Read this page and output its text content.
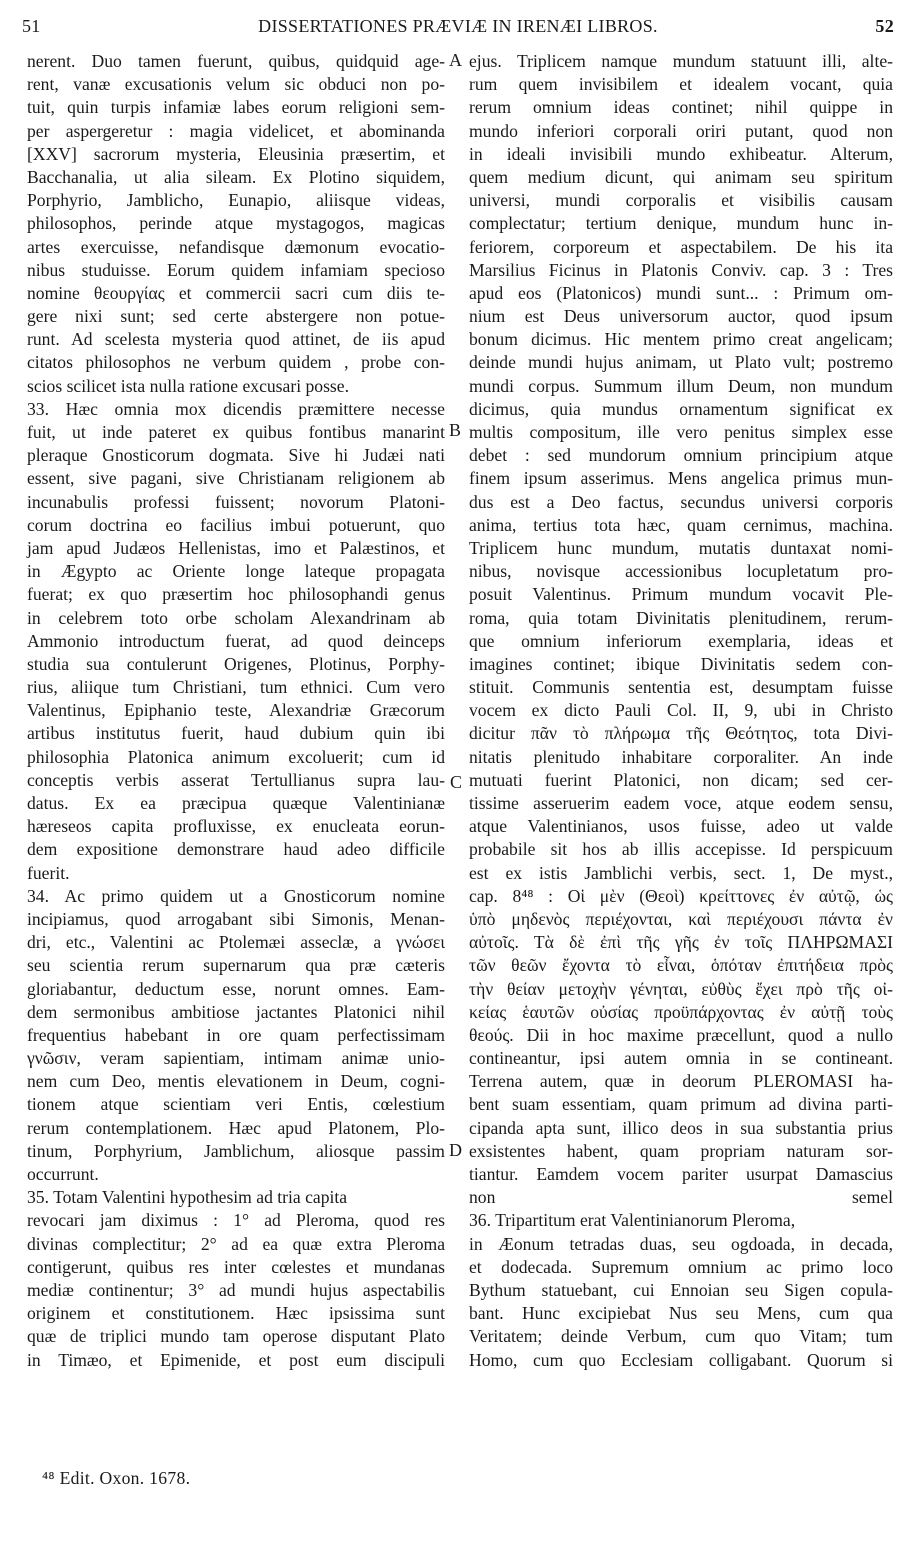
51	DISSERTATIONES PRÆVIÆ IN IRENÆI LIBROS.	52
A
B
C
D
nerent. Duo tamen fuerunt, quibus, quidquid age-
rent, vanæ excusationis velum sic obduci non po-
tuit, quin turpis infamiæ labes eorum religioni sem-
per aspergeretur : magia videlicet, et abominanda
[XXV] sacrorum mysteria, Eleusinia præsertim, et
Bacchanalia, ut alia sileam. Ex Plotino siquidem,
Porphyrio, Jamblicho, Eunapio, aliisque videas,
philosophos, perinde atque mystagogos, magicas
artes exercuisse, nefandisque dæmonum evocatio-
nibus studuisse. Eorum quidem infamiam specioso
nomine θεουργίας et commercii sacri cum diis te-
gere nixi sunt; sed certe abstergere non potue-
runt. Ad scelesta mysteria quod attinet, de iis apud
citatos philosophos ne verbum quidem , probe con-
scios scilicet ista nulla ratione excusari posse.
33. Hæc omnia mox dicendis præmittere necesse
fuit, ut inde pateret ex quibus fontibus manarint
pleraque Gnosticorum dogmata. Sive hi Judæi nati
essent, sive pagani, sive Christianam religionem ab
incunabulis professi fuissent; novorum Platoni-
corum doctrina eo facilius imbui potuerunt, quo
jam apud Judæos Hellenistas, imo et Palæstinos, et
in Ægypto ac Oriente longe lateque propagata
fuerat; ex quo præsertim hoc philosophandi genus
in celebrem toto orbe scholam Alexandrinam ab
Ammonio introductum fuerat, ad quod deinceps
studia sua contulerunt Origenes, Plotinus, Porphy-
rius, aliique tum Christiani, tum ethnici. Cum vero
Valentinus, Epiphanio teste, Alexandriæ Græcorum
artibus institutus fuerit, haud dubium quin ibi
philosophia Platonica animum excoluerit; cum id
conceptis verbis asserat Tertullianus supra lau-
datus. Ex ea præcipua quæque Valentinianæ
hæreseos capita profluxisse, ex enucleata eorun-
dem expositione demonstrare haud adeo difficile
fuerit.
34. Ac primo quidem ut a Gnosticorum nomine
incipiamus, quod arrogabant sibi Simonis, Menan-
dri, etc., Valentini ac Ptolemæi asseclæ, a γνώσει
seu scientia rerum supernarum qua præ cæteris
gloriabantur, deductum esse, norunt omnes. Eam-
dem sermonibus ambitiose jactantes Platonici nihil
frequentius habebant in ore quam perfectissimam
γνῶσιν, veram sapientiam, intimam animæ unio-
nem cum Deo, mentis elevationem in Deum, cogni-
tionem atque scientiam veri Entis, cœlestium
rerum contemplationem. Hæc apud Platonem, Plo-
tinum, Porphyrium, Jamblichum, aliosque passim
occurrunt.
35. Totam Valentini hypothesim ad tria capita
revocari jam diximus : 1° ad Pleroma, quod res
divinas complectitur; 2° ad ea quæ extra Pleroma
contigerunt, quibus res inter cœlestes et mundanas
mediæ continentur; 3° ad mundi hujus aspectabilis
originem et constitutionem. Hæc ipsissima sunt
quæ de triplici mundo tam operose disputant Plato
in Timæo, et Epimenide, et post eum discipuli
ejus. Triplicem namque mundum statuunt illi, alte-
rum quem invisibilem et idealem vocant, quia
rerum omnium ideas continet; nihil quippe in
mundo inferiori corporali oriri putant, quod non
in ideali invisibili mundo exhibeatur. Alterum,
quem medium dicunt, qui animam seu spiritum
universi, mundi corporalis et visibilis causam
complectatur; tertium denique, mundum hunc in-
feriorem, corporeum et aspectabilem. De his ita
Marsilius Ficinus in Platonis Conviv. cap. 3 : Tres
apud eos (Platonicos) mundi sunt... : Primum om-
nium est Deus universorum auctor, quod ipsum
bonum dicimus. Hic mentem primo creat angelicam;
deinde mundi hujus animam, ut Plato vult; postremo
mundi corpus. Summum illum Deum, non mundum
dicimus, quia mundus ornamentum significat ex
multis compositum, ille vero penitus simplex esse
debet : sed mundorum omnium principium atque
finem ipsum asserimus. Mens angelica primus mun-
dus est a Deo factus, secundus universi corporis
anima, tertius tota hæc, quam cernimus, machina.
Triplicem hunc mundum, mutatis duntaxat nomi-
nibus, novisque accessionibus locupletatum pro-
posuit Valentinus. Primum mundum vocavit Ple-
roma, quia totam Divinitatis plenitudinem, rerum-
que omnium inferiorum exemplaria, ideas et
imagines continet; ibique Divinitatis sedem con-
stituit. Communis sententia est, desumptam fuisse
vocem ex dicto Pauli Col. II, 9, ubi in Christo
dicitur πᾶν τὸ πλήρωμα τῆς Θεότητος, tota Divi-
nitatis plenitudo inhabitare corporaliter. An inde
mutuati fuerint Platonici, non dicam; sed cer-
tissime asseruerim eadem voce, atque eodem sensu,
atque Valentinianos, usos fuisse, adeo ut valde
probabile sit hos ab illis accepisse. Id perspicuum
est ex istis Jamblichi verbis, sect. 1, De myst.,
cap. 8⁴⁸ : Οἱ μὲν (Θεοὶ) κρείττονες ἐν αὐτῷ, ὡς
ὑπὸ μηδενὸς περιέχονται, καὶ περιέχουσι πάντα ἐν
αὐτοῖς. Τὰ δὲ ἐπὶ τῆς γῆς ἐν τοῖς ΠΛΗΡΩΜΑΣΙ
τῶν θεῶν ἔχοντα τὸ εἶναι, ὁπόταν ἐπιτήδεια πρὸς
τὴν θείαν μετοχὴν γένηται, εὐθὺς ἔχει πρὸ τῆς οἰ-
κείας ἑαυτῶν οὐσίας προϋπάρχοντας ἐν αὐτῇ τοὺς
θεούς. Dii in hoc maxime præcellunt, quod a nullo
contineantur, ipsi autem omnia in se contineant.
Terrena autem, quæ in deorum PLEROMASI ha-
bent suam essentiam, quam primum ad divina parti-
cipanda apta sunt, illico deos in sua substantia prius
exsistentes habent, quam propriam naturam sor-
tiantur. Eamdem vocem pariter usurpat Damascius
non semel
36. Tripartitum erat Valentinianorum Pleroma,
in Æonum tetradas duas, seu ogdoada, in decada,
et dodecada. Supremum omnium ac primo loco
Bythum statuebant, cui Ennoian seu Sigen copula-
bant. Hunc excipiebat Nus seu Mens, cum qua
Veritatem; deinde Verbum, cum quo Vitam; tum
Homo, cum quo Ecclesiam colligabant. Quorum si
⁴⁸ Edit. Oxon. 1678.
